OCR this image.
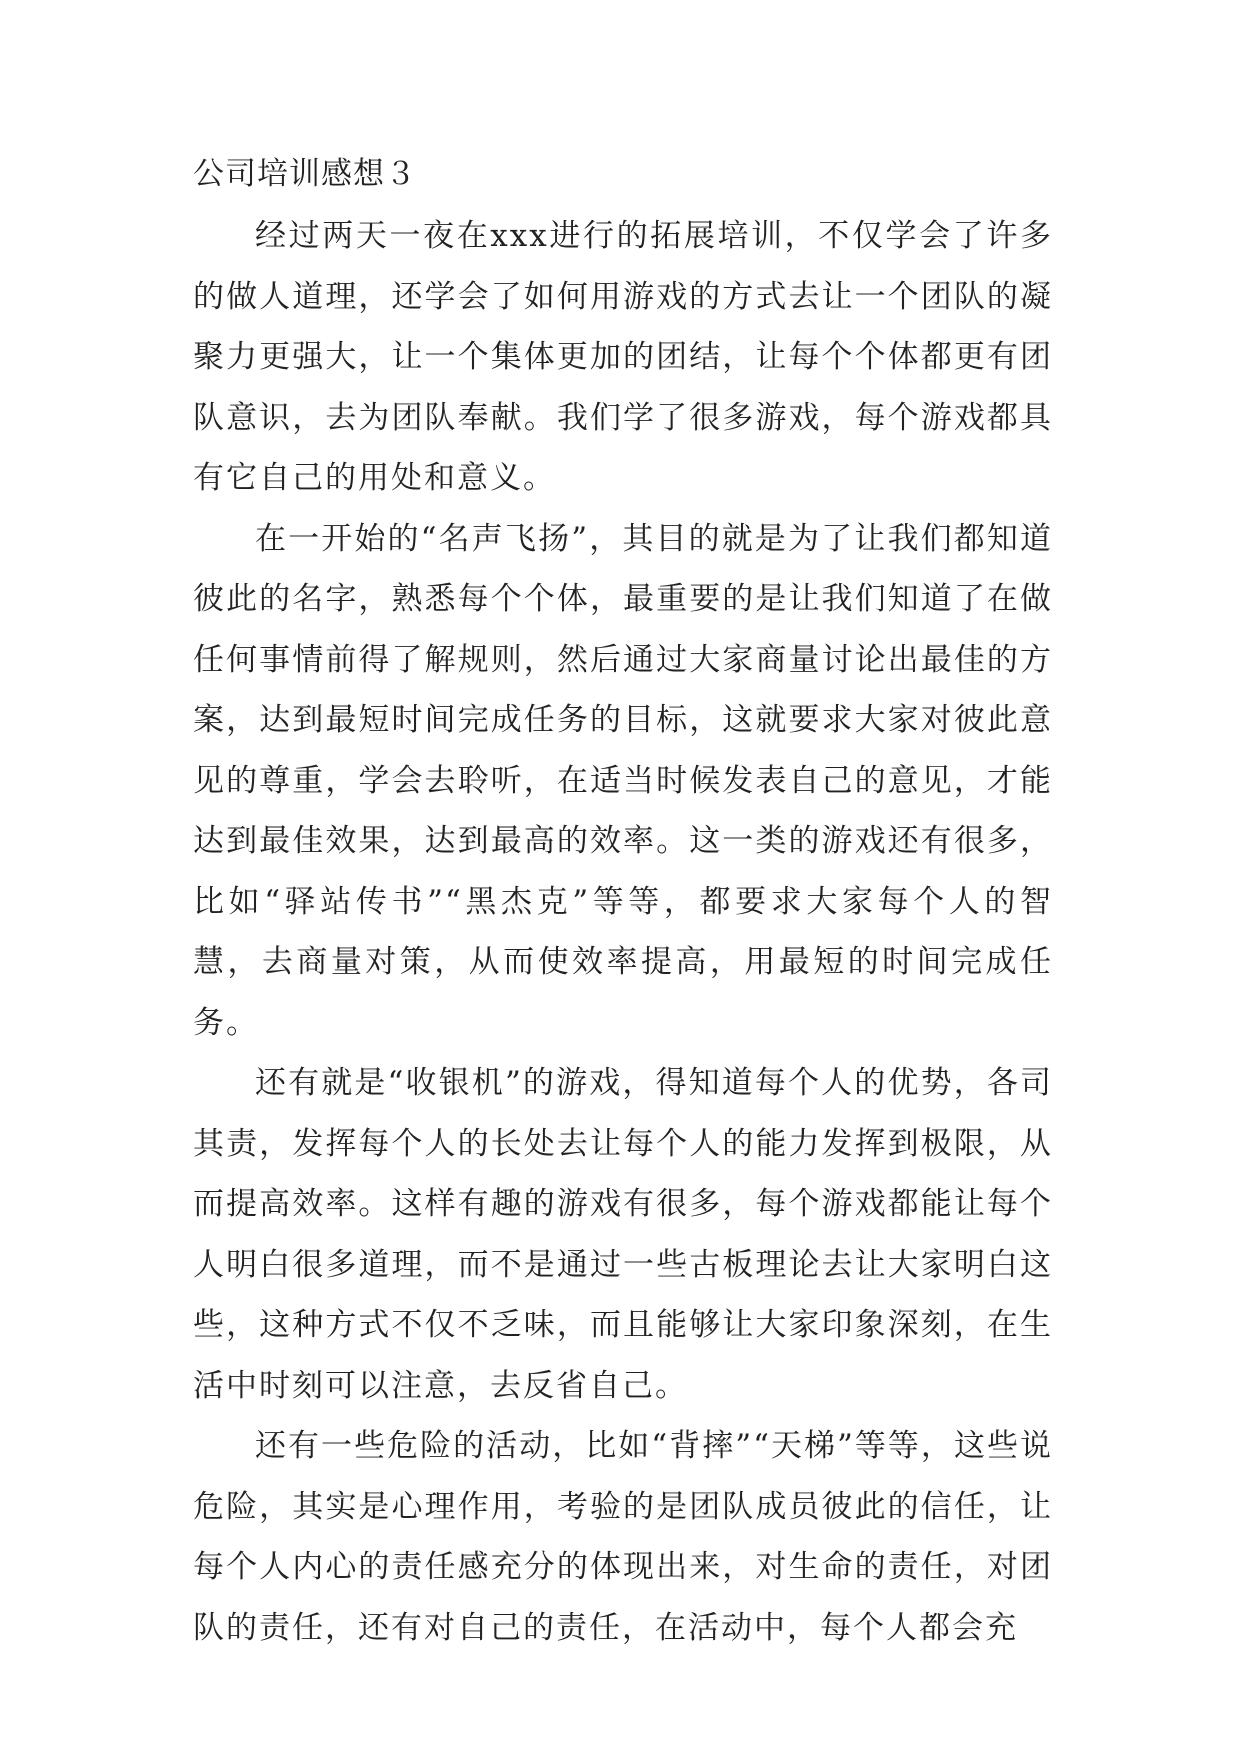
公司培训感想３

经过两天一夜在xxx进行的拓展培训，不仅学会了许多的做人道理，还学会了如何用游戏的方式去让一个团队的凝聚力更强大，让一个集体更加的团结，让每个个体都更有团队意识，去为团队奉献。我们学了很多游戏，每个游戏都具有它自己的用处和意义。

在一开始的“名声飞扬”，其目的就是为了让我们都知道彼此的名字，熟悉每个个体，最重要的是让我们知道了在做任何事情前得了解规则，然后通过大家商量讨论出最佳的方案，达到最短时间完成任务的目标，这就要求大家对彼此意见的尊重，学会去聆听，在适当时候发表自己的意见，才能达到最佳效果，达到最高的效率。这一类的游戏还有很多，比如“驿站传书”“黑杰克”等等，都要求大家每个人的智慧，去商量对策，从而使效率提高，用最短的时间完成任务。

还有就是“收银机”的游戏，得知道每个人的优势，各司其责，发挥每个人的长处去让每个人的能力发挥到极限，从而提高效率。这样有趣的游戏有很多，每个游戏都能让每个人明白很多道理，而不是通过一些古板理论去让大家明白这些，这种方式不仅不乏味，而且能够让大家印象深刻，在生活中时刻可以注意，去反省自己。

还有一些危险的活动，比如“背摔”“天梯”等等，这些说危险，其实是心理作用，考验的是团队成员彼此的信任，让每个人内心的责任感充分的体现出来，对生命的责任，对团队的责任，还有对自己的责任，在活动中，每个人都会充
